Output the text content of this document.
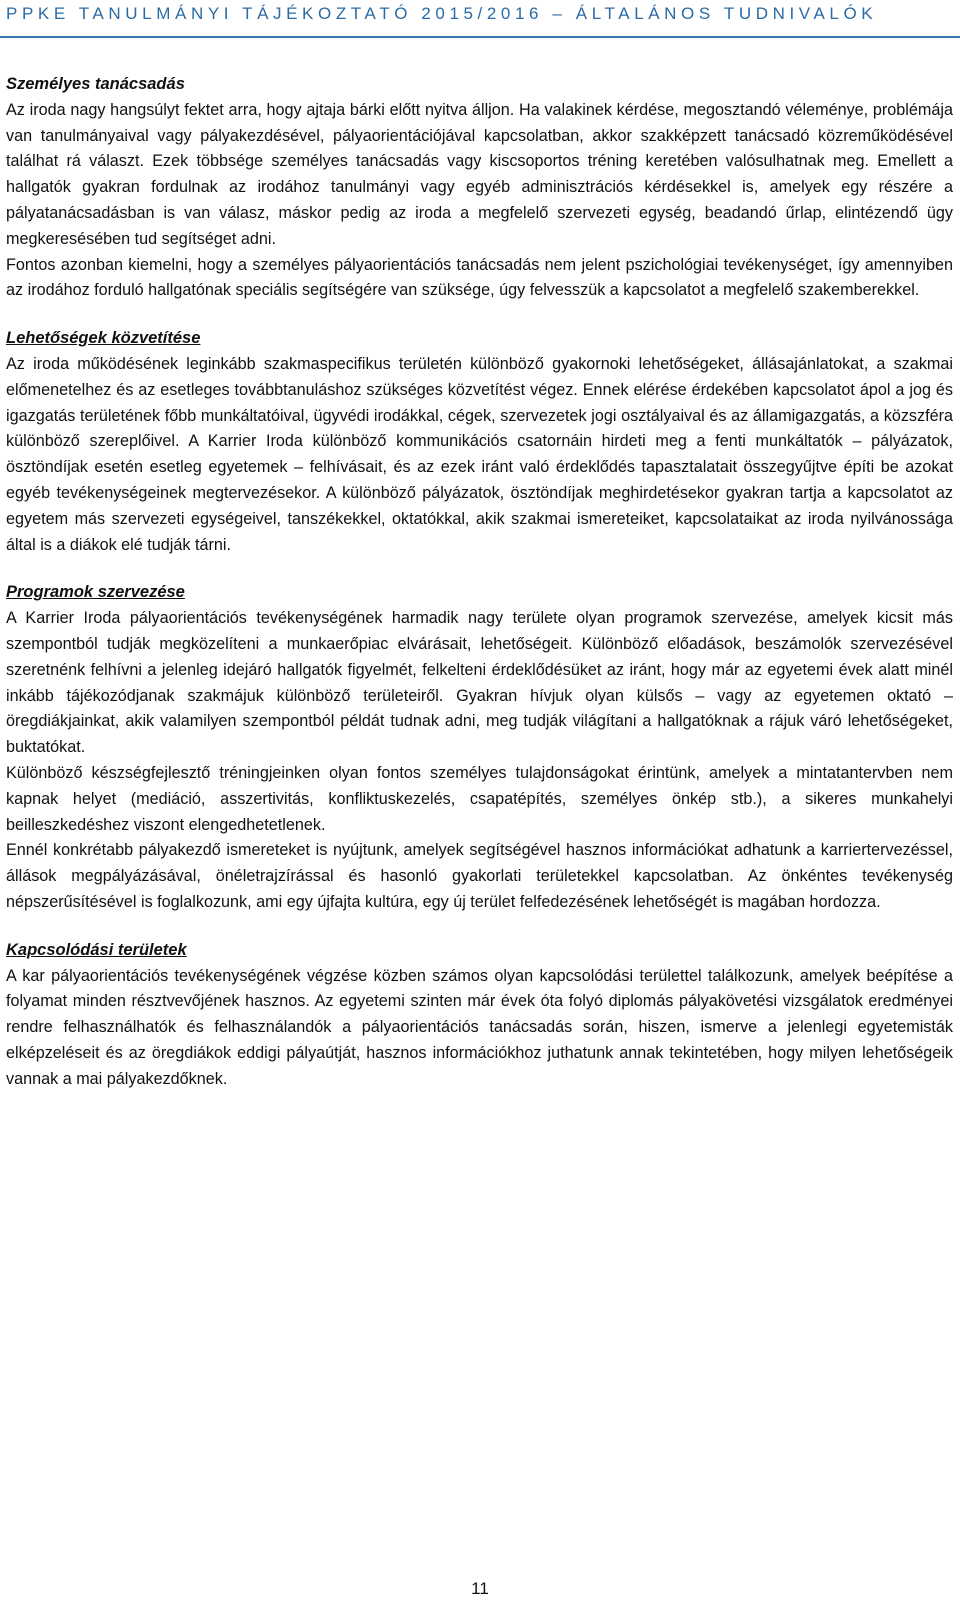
PPKE TANULMÁNYI TÁJÉKOZTATÓ 2015/2016 – ÁLTALÁNOS TUDNIVALÓK

Személyes tanácsadás

Az iroda nagy hangsúlyt fektet arra, hogy ajtaja bárki előtt nyitva álljon. Ha valakinek kérdése, megosztandó véleménye, problémája van tanulmányaival vagy pályakezdésével, pályaorientációjával kapcsolatban, akkor szakképzett tanácsadó közreműködésével találhat rá választ. Ezek többsége személyes tanácsadás vagy kiscsoportos tréning keretében valósulhatnak meg. Emellett a hallgatók gyakran fordulnak az irodához tanulmányi vagy egyéb adminisztrációs kérdésekkel is, amelyek egy részére a pályatanácsadásban is van válasz, máskor pedig az iroda a megfelelő szervezeti egység, beadandó űrlap, elintézendő ügy megkeresésében tud segítséget adni.

Fontos azonban kiemelni, hogy a személyes pályaorientációs tanácsadás nem jelent pszichológiai tevékenységet, így amennyiben az irodához forduló hallgatónak speciális segítségére van szüksége, úgy felvesszük a kapcsolatot a megfelelő szakemberekkel.

Lehetőségek közvetítése

Az iroda működésének leginkább szakmaspecifikus területén különböző gyakornoki lehetőségeket, állásajánlatokat, a szakmai előmenetelhez és az esetleges továbbtanuláshoz szükséges közvetítést végez. Ennek elérése érdekében kapcsolatot ápol a jog és igazgatás területének főbb munkáltatóival, ügyvédi irodákkal, cégek, szervezetek jogi osztályaival és az államigazgatás, a közszféra különböző szereplőivel. A Karrier Iroda különböző kommunikációs csatornáin hirdeti meg a fenti munkáltatók – pályázatok, ösztöndíjak esetén esetleg egyetemek – felhívásait, és az ezek iránt való érdeklődés tapasztalatait összegyűjtve építi be azokat egyéb tevékenységeinek megtervezésekor. A különböző pályázatok, ösztöndíjak meghirdetésekor gyakran tartja a kapcsolatot az egyetem más szervezeti egységeivel, tanszékekkel, oktatókkal, akik szakmai ismereteiket, kapcsolataikat az iroda nyilvánossága által is a diákok elé tudják tárni.

Programok szervezése

A Karrier Iroda pályaorientációs tevékenységének harmadik nagy területe olyan programok szervezése, amelyek kicsit más szempontból tudják megközelíteni a munkaerőpiac elvárásait, lehetőségeit. Különböző előadások, beszámolók szervezésével szeretnénk felhívni a jelenleg idejáró hallgatók figyelmét, felkelteni érdeklődésüket az iránt, hogy már az egyetemi évek alatt minél inkább tájékozódjanak szakmájuk különböző területeiről. Gyakran hívjuk olyan külsős – vagy az egyetemen oktató – öregdiákjainkat, akik valamilyen szempontból példát tudnak adni, meg tudják világítani a hallgatóknak a rájuk váró lehetőségeket, buktatókat.

Különböző készségfejlesztő tréningjeinken olyan fontos személyes tulajdonságokat érintünk, amelyek a mintatantervben nem kapnak helyet (mediáció, asszertivitás, konfliktuskezelés, csapatépítés, személyes önkép stb.), a sikeres munkahelyi beilleszkedéshez viszont elengedhetetlenek.

Ennél konkrétabb pályakezdő ismereteket is nyújtunk, amelyek segítségével hasznos információkat adhatunk a karriertervezéssel, állások megpályázásával, önéletrajzírással és hasonló gyakorlati területekkel kapcsolatban. Az önkéntes tevékenység népszerűsítésével is foglalkozunk, ami egy újfajta kultúra, egy új terület felfedezésének lehetőségét is magában hordozza.

Kapcsolódási területek

A kar pályaorientációs tevékenységének végzése közben számos olyan kapcsolódási területtel találkozunk, amelyek beépítése a folyamat minden résztvevőjének hasznos. Az egyetemi szinten már évek óta folyó diplomás pályakövetési vizsgálatok eredményei rendre felhasználhatók és felhasználandók a pályaorientációs tanácsadás során, hiszen, ismerve a jelenlegi egyetemisták elképzeléseit és az öregdiákok eddigi pályaútját, hasznos információkhoz juthatunk annak tekintetében, hogy milyen lehetőségeik vannak a mai pályakezdőknek.

11
